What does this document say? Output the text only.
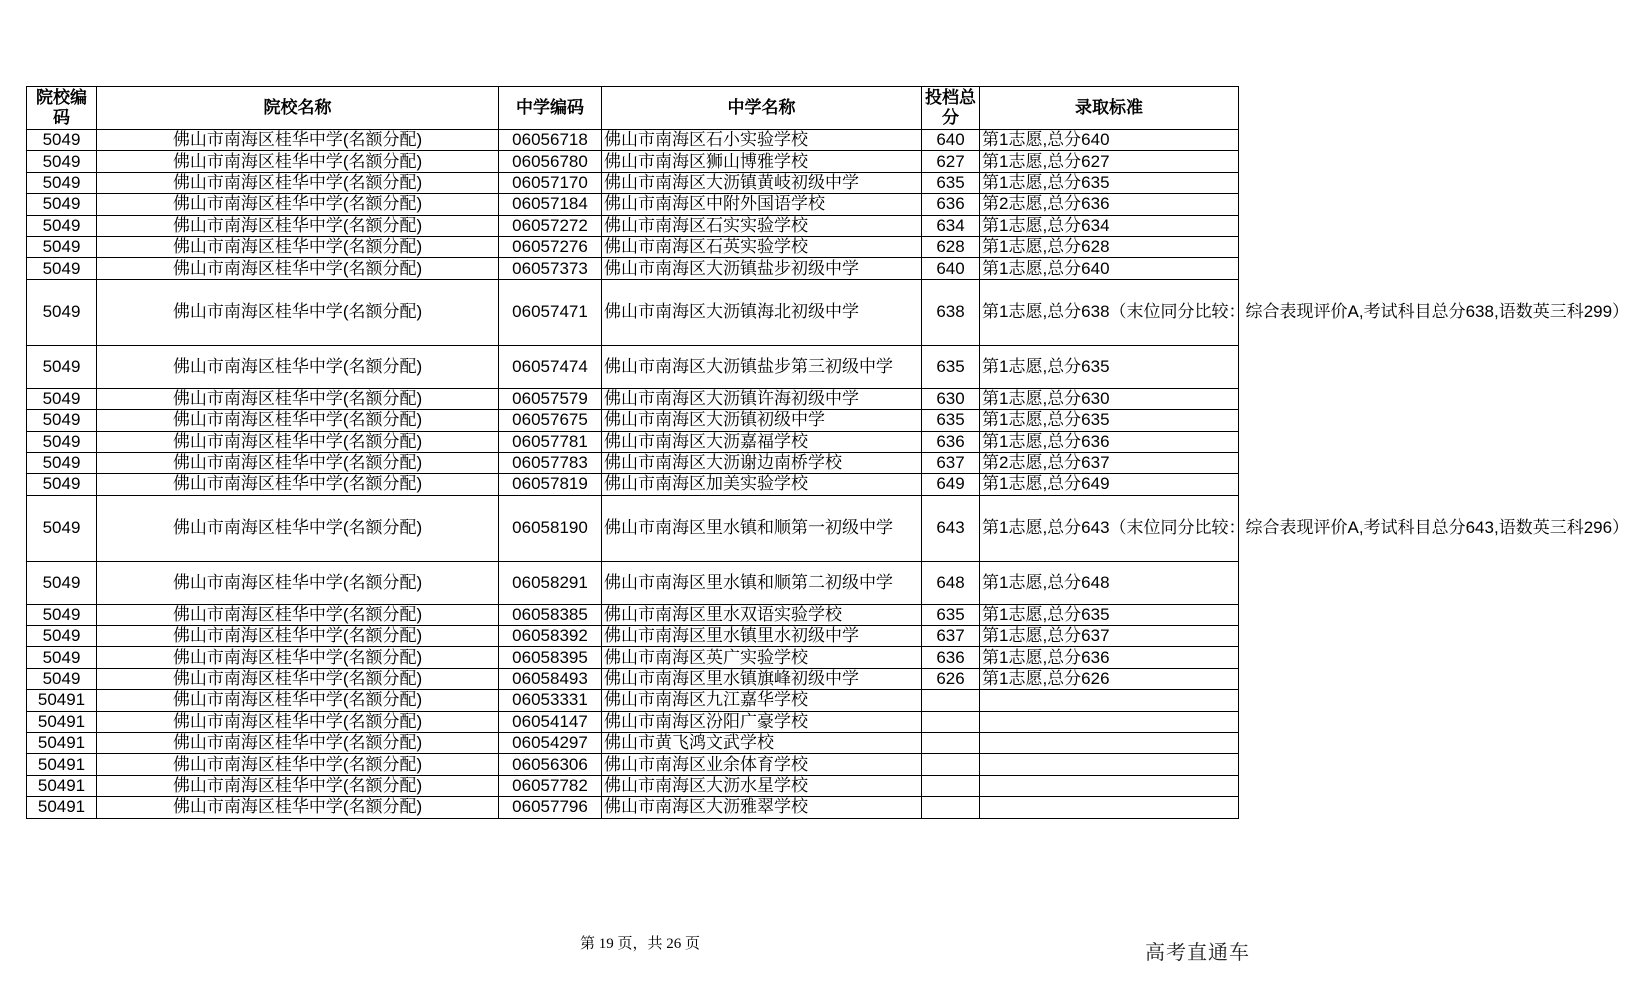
院校编码	院校名称	中学编码	中学名称	投档总分	录取标准
5049	佛山市南海区桂华中学(名额分配)	06056718	佛山市南海区石小实验学校	640	第1志愿,总分640
5049	佛山市南海区桂华中学(名额分配)	06056780	佛山市南海区狮山博雅学校	627	第1志愿,总分627
5049	佛山市南海区桂华中学(名额分配)	06057170	佛山市南海区大沥镇黄岐初级中学	635	第1志愿,总分635
5049	佛山市南海区桂华中学(名额分配)	06057184	佛山市南海区中附外国语学校	636	第2志愿,总分636
5049	佛山市南海区桂华中学(名额分配)	06057272	佛山市南海区石实实验学校	634	第1志愿,总分634
5049	佛山市南海区桂华中学(名额分配)	06057276	佛山市南海区石英实验学校	628	第1志愿,总分628
5049	佛山市南海区桂华中学(名额分配)	06057373	佛山市南海区大沥镇盐步初级中学	640	第1志愿,总分640
5049	佛山市南海区桂华中学(名额分配)	06057471	佛山市南海区大沥镇海北初级中学	638	第1志愿,总分638（末位同分比较：综合表现评价A,考试科目总分638,语数英三科299）
5049	佛山市南海区桂华中学(名额分配)	06057474	佛山市南海区大沥镇盐步第三初级中学	635	第1志愿,总分635
5049	佛山市南海区桂华中学(名额分配)	06057579	佛山市南海区大沥镇许海初级中学	630	第1志愿,总分630
5049	佛山市南海区桂华中学(名额分配)	06057675	佛山市南海区大沥镇初级中学	635	第1志愿,总分635
5049	佛山市南海区桂华中学(名额分配)	06057781	佛山市南海区大沥嘉福学校	636	第1志愿,总分636
5049	佛山市南海区桂华中学(名额分配)	06057783	佛山市南海区大沥谢边南桥学校	637	第2志愿,总分637
5049	佛山市南海区桂华中学(名额分配)	06057819	佛山市南海区加美实验学校	649	第1志愿,总分649
5049	佛山市南海区桂华中学(名额分配)	06058190	佛山市南海区里水镇和顺第一初级中学	643	第1志愿,总分643（末位同分比较：综合表现评价A,考试科目总分643,语数英三科296）
5049	佛山市南海区桂华中学(名额分配)	06058291	佛山市南海区里水镇和顺第二初级中学	648	第1志愿,总分648
5049	佛山市南海区桂华中学(名额分配)	06058385	佛山市南海区里水双语实验学校	635	第1志愿,总分635
5049	佛山市南海区桂华中学(名额分配)	06058392	佛山市南海区里水镇里水初级中学	637	第1志愿,总分637
5049	佛山市南海区桂华中学(名额分配)	06058395	佛山市南海区英广实验学校	636	第1志愿,总分636
5049	佛山市南海区桂华中学(名额分配)	06058493	佛山市南海区里水镇旗峰初级中学	626	第1志愿,总分626
50491	佛山市南海区桂华中学(名额分配)	06053331	佛山市南海区九江嘉华学校		
50491	佛山市南海区桂华中学(名额分配)	06054147	佛山市南海区汾阳广豪学校		
50491	佛山市南海区桂华中学(名额分配)	06054297	佛山市黄飞鸿文武学校		
50491	佛山市南海区桂华中学(名额分配)	06056306	佛山市南海区业余体育学校		
50491	佛山市南海区桂华中学(名额分配)	06057782	佛山市南海区大沥水星学校		
50491	佛山市南海区桂华中学(名额分配)	06057796	佛山市南海区大沥雅翠学校		
第 19 页，共 26 页	高考直通车
